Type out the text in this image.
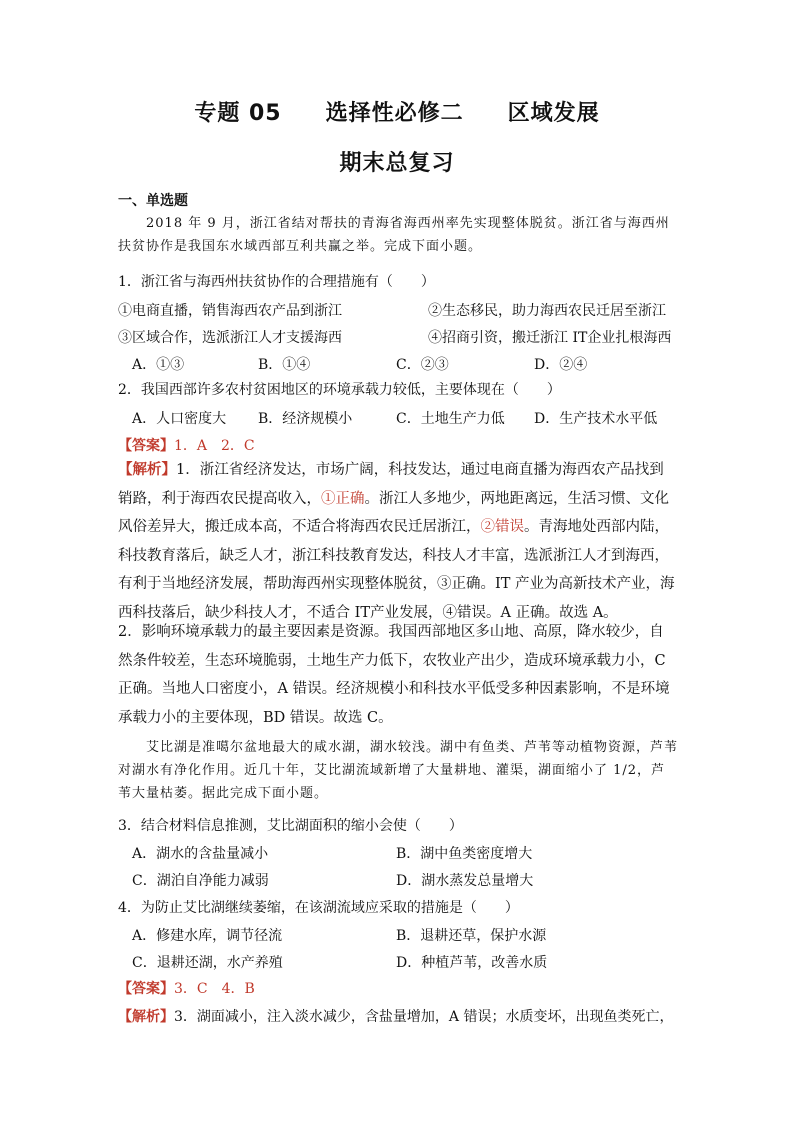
专题 05 选择性必修二 区域发展
期末总复习
一、单选题
2018 年 9 月，浙江省结对帮扶的青海省海西州率先实现整体脱贫。浙江省与海西州扶贫协作是我国东水域西部互利共赢之举。完成下面小题。
1．浙江省与海西州扶贫协作的合理措施有（　　）
①电商直播，销售海西农产品到浙江	②生态移民，助力海西农民迁居至浙江
③区域合作，选派浙江人才支援海西	④招商引资，搬迁浙江 IT企业扎根海西
A．①③	B．①④	C．②③	D．②④
2．我国西部许多农村贫困地区的环境承载力较低，主要体现在（　　）
A．人口密度大 B．经济规模小	C．土地生产力低 D．生产技术水平低
【答案】1．A　2．C
【解析】1．浙江省经济发达，市场广阔，科技发达，通过电商直播为海西农产品找到销路，利于海西农民提高收入，①正确。浙江人多地少，两地距离远，生活习惯、文化风俗差异大，搬迁成本高，不适合将海西农民迁居浙江，②错误。青海地处西部内陆，科技教育落后，缺乏人才，浙江科技教育发达，科技人才丰富，选派浙江人才到海西，有利于当地经济发展，帮助海西州实现整体脱贫，③正确。IT 产业为高新技术产业，海西科技落后，缺少科技人才，不适合 IT产业发展，④错误。A 正确。故选 A。
2．影响环境承载力的最主要因素是资源。我国西部地区多山地、高原，降水较少，自然条件较差，生态环境脆弱，土地生产力低下，农牧业产出少，造成环境承载力小，C 正确。当地人口密度小，A 错误。经济规模小和科技水平低受多种因素影响，不是环境承载力小的主要体现，BD 错误。故选 C。
艾比湖是准噶尔盆地最大的咸水湖，湖水较浅。湖中有鱼类、芦苇等动植物资源，芦苇对湖水有净化作用。近几十年，艾比湖流域新增了大量耕地、灌渠，湖面缩小了 1/2，芦苇大量枯萎。据此完成下面小题。
3．结合材料信息推测，艾比湖面积的缩小会使（　　）
A．湖水的含盐量减小	B．湖中鱼类密度增大
C．湖泊自净能力减弱	D．湖水蒸发总量增大
4．为防止艾比湖继续萎缩，在该湖流域应采取的措施是（　　）
A．修建水库，调节径流	B．退耕还草，保护水源
C．退耕还湖，水产养殖	D．种植芦苇，改善水质
【答案】3．C　4．B
【解析】3．湖面减小，注入淡水减少，含盐量增加，A 错误；水质变坏，出现鱼类死亡，
